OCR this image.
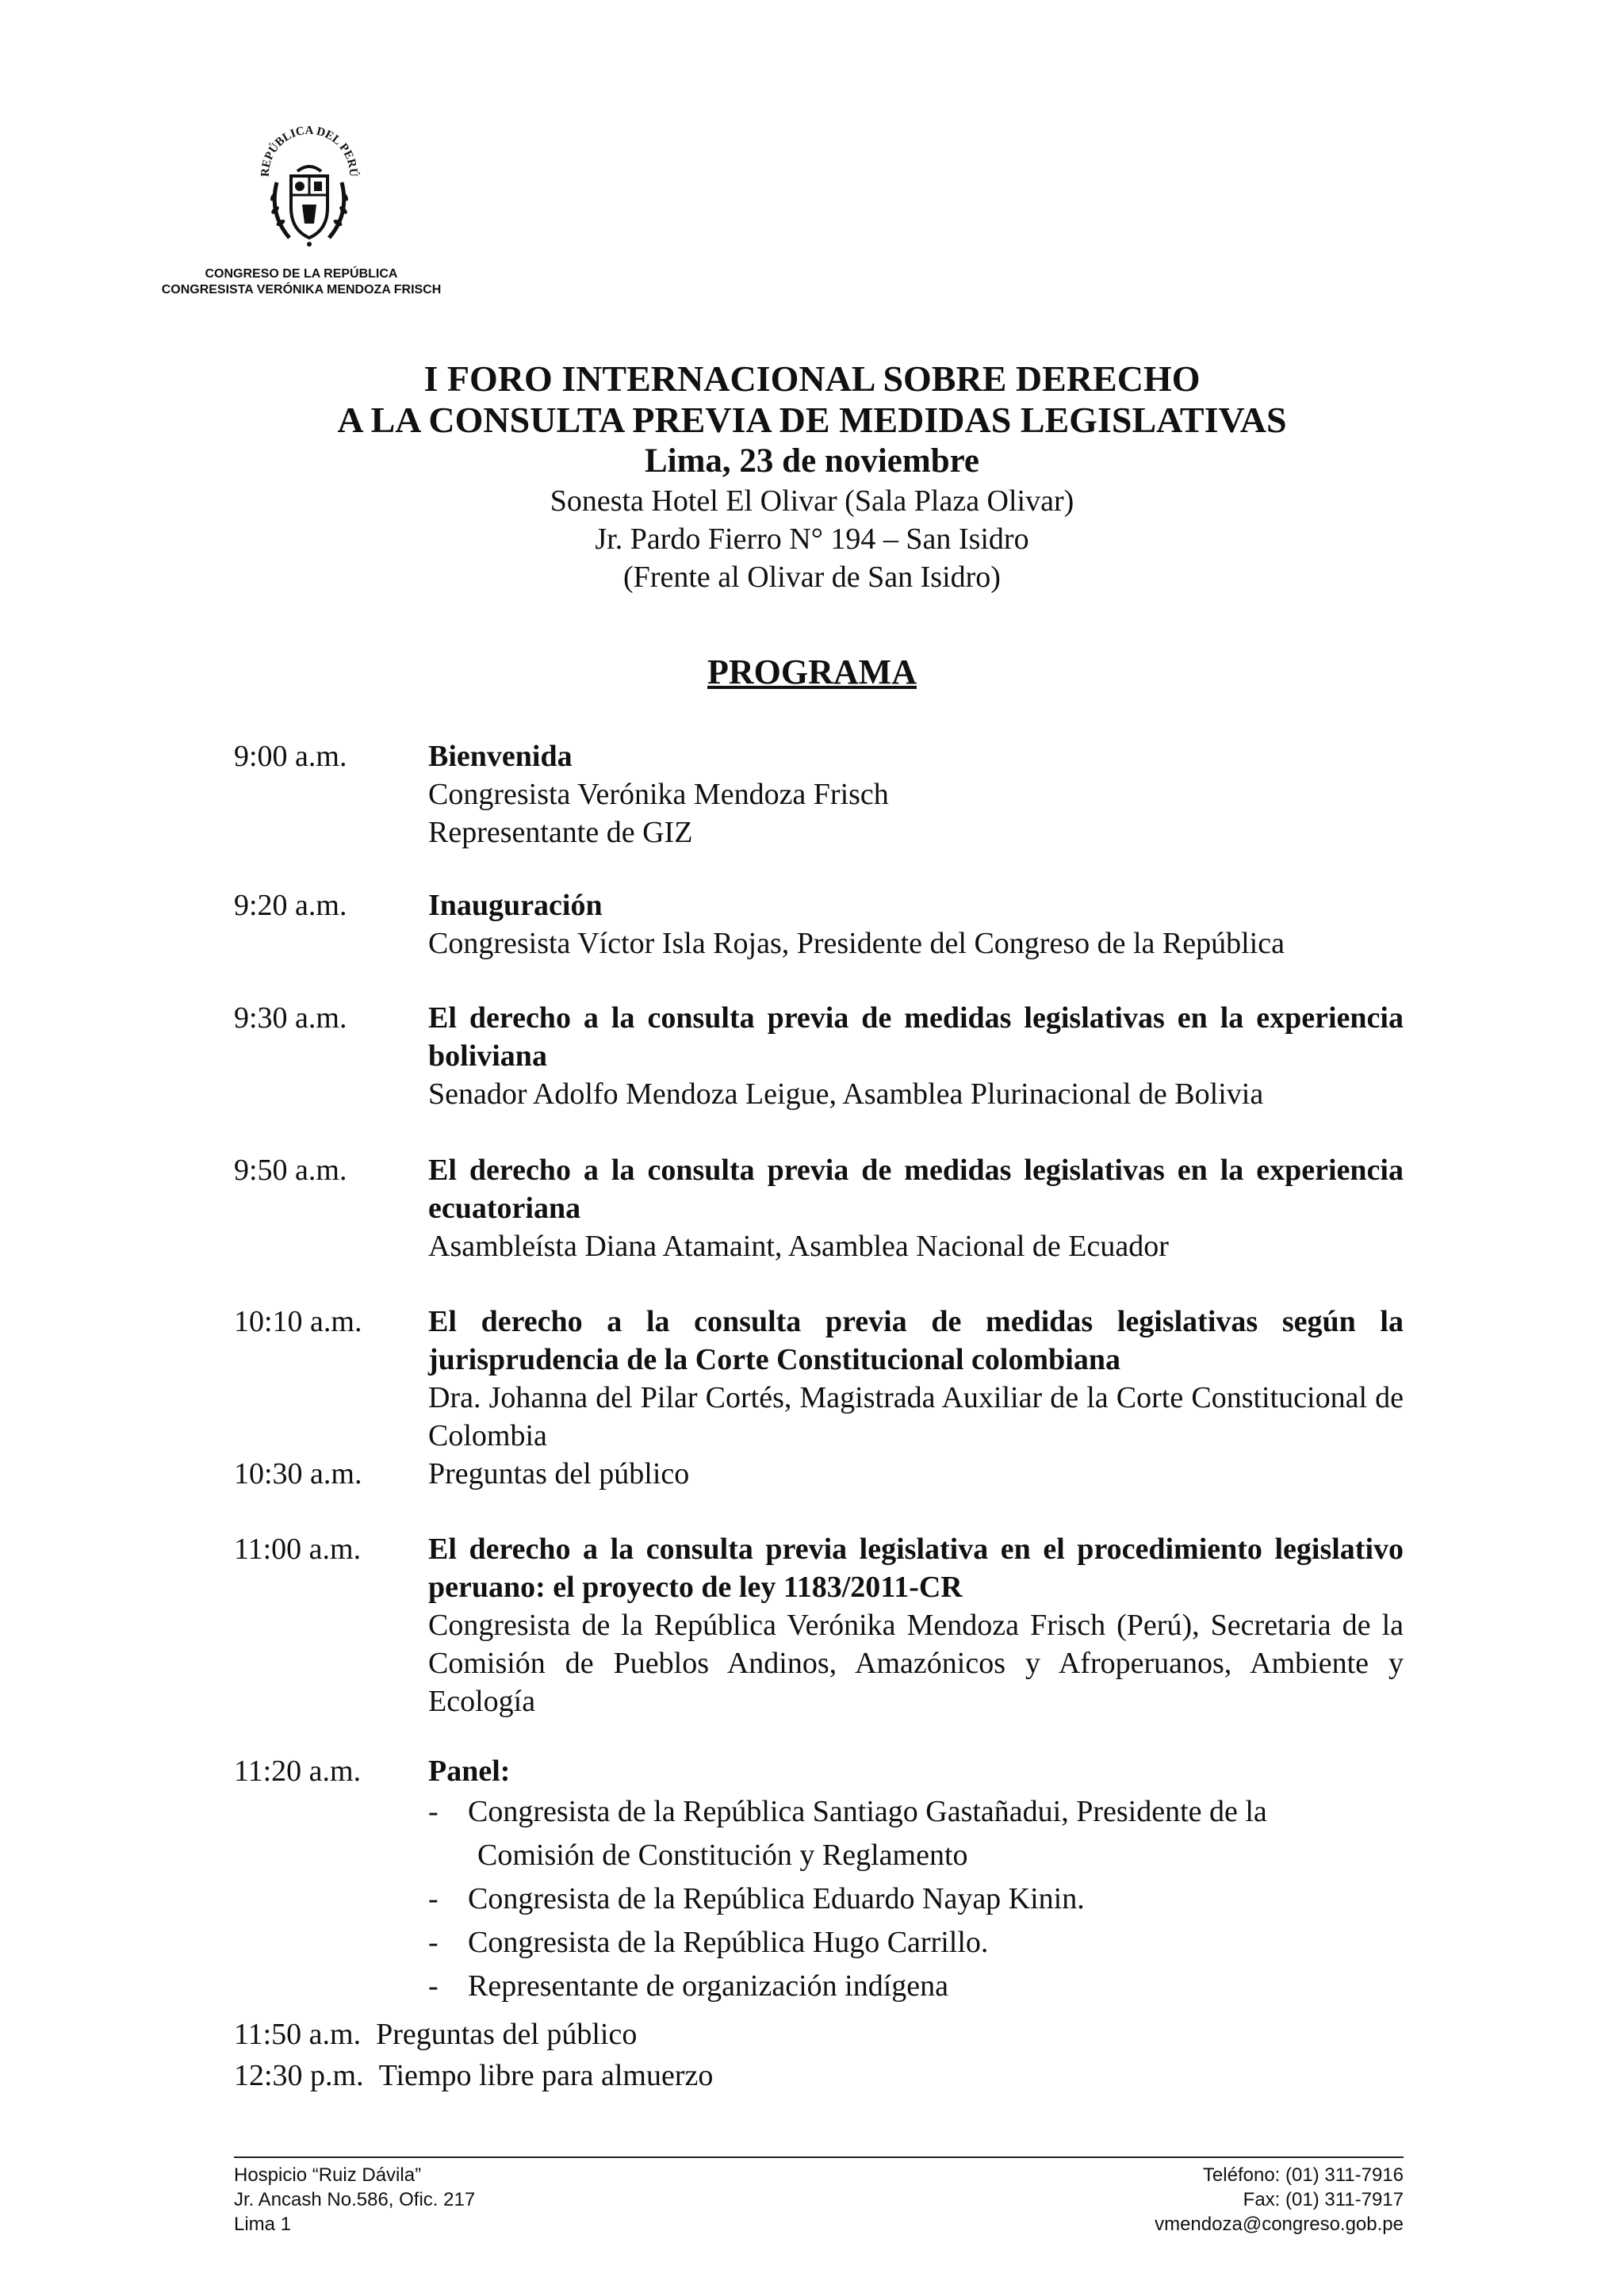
REPÚBLICA DEL PERÚ
CONGRESO DE LA REPÚBLICA
CONGRESISTA VERÓNIKA MENDOZA FRISCH

I FORO INTERNACIONAL SOBRE DERECHO

A LA CONSULTA PREVIA DE MEDIDAS LEGISLATIVAS

Lima, 23 de noviembre

Sonesta Hotel El Olivar (Sala Plaza Olivar)

Jr. Pardo Fierro N° 194 – San Isidro

(Frente al Olivar de San Isidro)

PROGRAMA
9:00 a.m.	Bienvenida
Congresista Verónika Mendoza Frisch
Representante de GIZ
9:20 a.m.	Inauguración
Congresista Víctor Isla Rojas, Presidente del Congreso de la República
9:30 a.m.	El derecho a la consulta previa de medidas legislativas en la experiencia boliviana
Senador Adolfo Mendoza Leigue, Asamblea Plurinacional de Bolivia
9:50 a.m.	El derecho a la consulta previa de medidas legislativas en la experiencia ecuatoriana
Asambleísta Diana Atamaint, Asamblea Nacional de Ecuador
10:10 a.m.	El derecho a la consulta previa de medidas legislativas según la jurisprudencia de la Corte Constitucional colombiana
Dra. Johanna del Pilar Cortés, Magistrada Auxiliar de la Corte Constitucional de Colombia
10:30 a.m.	Preguntas del público
11:00 a.m.	El derecho a la consulta previa legislativa en el procedimiento legislativo peruano: el proyecto de ley 1183/2011-CR
Congresista de la República Verónika Mendoza Frisch (Perú), Secretaria de la Comisión de Pueblos Andinos, Amazónicos y Afroperuanos, Ambiente y Ecología
11:20 a.m.	Panel:
- Congresista de la República Santiago Gastañadui, Presidente de la
Comisión de Constitución y Reglamento
- Congresista de la República Eduardo Nayap Kinin.
- Congresista de la República Hugo Carrillo.
- Representante de organización indígena
11:50 a.m. Preguntas del público
12:30 p.m. Tiempo libre para almuerzo
Hospicio “Ruiz Dávila”
Jr. Ancash No.586, Ofic. 217
Lima 1
Teléfono: (01) 311-7916
Fax: (01) 311-7917
vmendoza@congreso.gob.pe
